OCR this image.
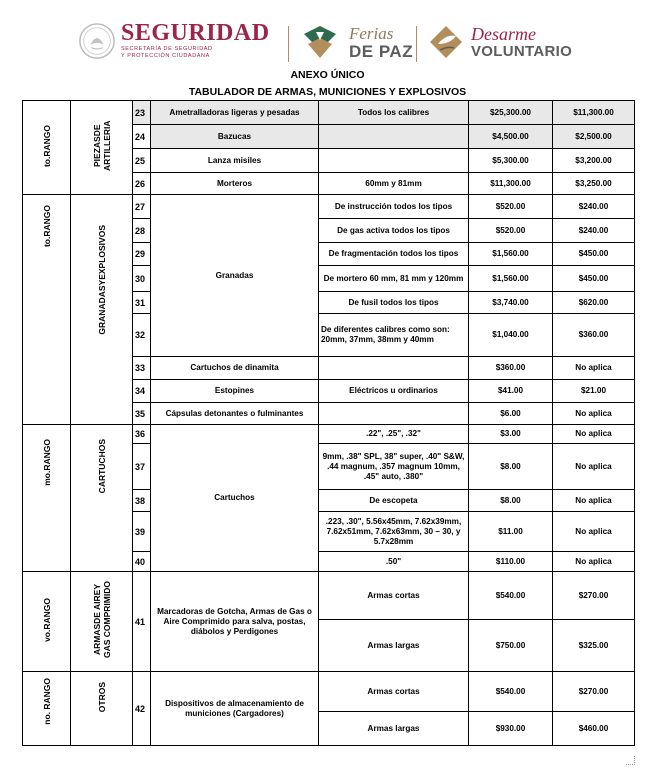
SEGURIDAD
SECRETARÍA DE SEGURIDAD
Y PROTECCIÓN CIUDADANA
Ferias
DE PAZ
Desarme
VOLUNTARIO
ANEXO ÚNICO
TABULADOR DE ARMAS, MUNICIONES Y EXPLOSIVOS
to.RANGO	PIEZASDE ARTILLERIA	23	Ametralladoras ligeras y pesadas	Todos los calibres	$25,300.00	$11,300.00
		24	Bazucas		$4,500.00	$2,500.00
		25	Lanza misiles		$5,300.00	$3,200.00
		26	Morteros	60mm y 81mm	$11,300.00	$3,250.00
to.RANGO	GRANADASYEXPLOSIVOS	27	Granadas	De instrucción todos los tipos	$520.00	$240.00
		28		De gas activa todos los tipos	$520.00	$240.00
		29		De fragmentación todos los tipos	$1,560.00	$450.00
		30		De mortero 60 mm, 81 mm y 120mm	$1,560.00	$450.00
		31		De fusil todos los tipos	$3,740.00	$620.00
		32		De diferentes calibres como son: 20mm, 37mm, 38mm y 40mm	$1,040.00	$360.00
		33	Cartuchos de dinamita		$360.00	No aplica
		34	Estopines	Eléctricos u ordinarios	$41.00	$21.00
		35	Cápsulas detonantes o fulminantes		$6.00	No aplica
mo.RANGO	CARTUCHOS	36	Cartuchos	.22", .25", .32"	$3.00	No aplica
		37		9mm, .38" SPL, 38" super, .40" S&W, .44 magnum, .357 magnum 10mm, .45" auto, .380"	$8.00	No aplica
		38		De escopeta	$8.00	No aplica
		39		.223, .30", 5.56x45mm, 7.62x39mm, 7.62x51mm, 7.62x63mm, 30 – 30, y 5.7x28mm	$11.00	No aplica
		40		.50"	$110.00	No aplica
vo.RANGO	ARMASDE AIREY GAS COMPRIMIDO	41	Marcadoras de Gotcha, Armas de Gas o Aire Comprimido para salva, postas, diábolos y Perdigones	Armas cortas	$540.00	$270.00
				Armas largas	$750.00	$325.00
no. RANGO	OTROS	42	Dispositivos de almacenamiento de municiones (Cargadores)	Armas cortas	$540.00	$270.00
				Armas largas	$930.00	$460.00
